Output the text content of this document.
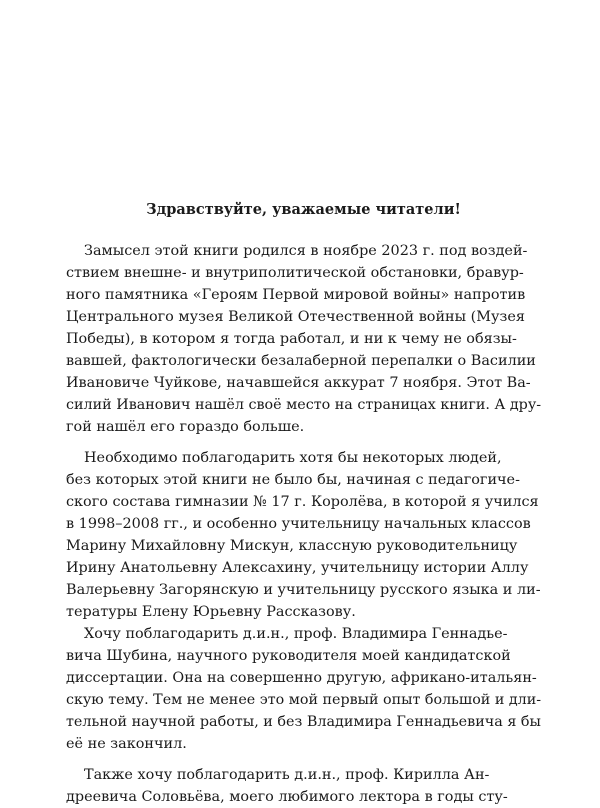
Здравствуйте, уважаемые читатели!
Замысел этой книги родился в ноябре 2023 г. под воздей-
ствием внешне- и внутриполитической обстановки, бравур-
ного памятника «Героям Первой мировой войны» напротив
Центрального музея Великой Отечественной войны (Музея
Победы), в котором я тогда работал, и ни к чему не обязы-
вавшей, фактологически безалаберной перепалки о Василии
Ивановиче Чуйкове, начавшейся аккурат 7 ноября. Этот Ва-
силий Иванович нашёл своё место на страницах книги. А дру-
гой нашёл его гораздо больше.
Необходимо поблагодарить хотя бы некоторых людей,
без которых этой книги не было бы, начиная с педагогиче-
ского состава гимназии № 17 г. Королёва, в которой я учился
в 1998–2008 гг., и особенно учительницу начальных классов
Марину Михайловну Мискун, классную руководительницу
Ирину Анатольевну Алексахину, учительницу истории Аллу
Валерьевну Загорянскую и учительницу русского языка и ли-
тературы Елену Юрьевну Рассказову.
Хочу поблагодарить д.и.н., проф. Владимира Геннадье-
вича Шубина, научного руководителя моей кандидатской
диссертации. Она на совершенно другую, африкано-итальян-
скую тему. Тем не менее это мой первый опыт большой и дли-
тельной научной работы, и без Владимира Геннадьевича я бы
её не закончил.
Также хочу поблагодарить д.и.н., проф. Кирилла Ан-
дреевича Соловьёва, моего любимого лектора в годы сту-
